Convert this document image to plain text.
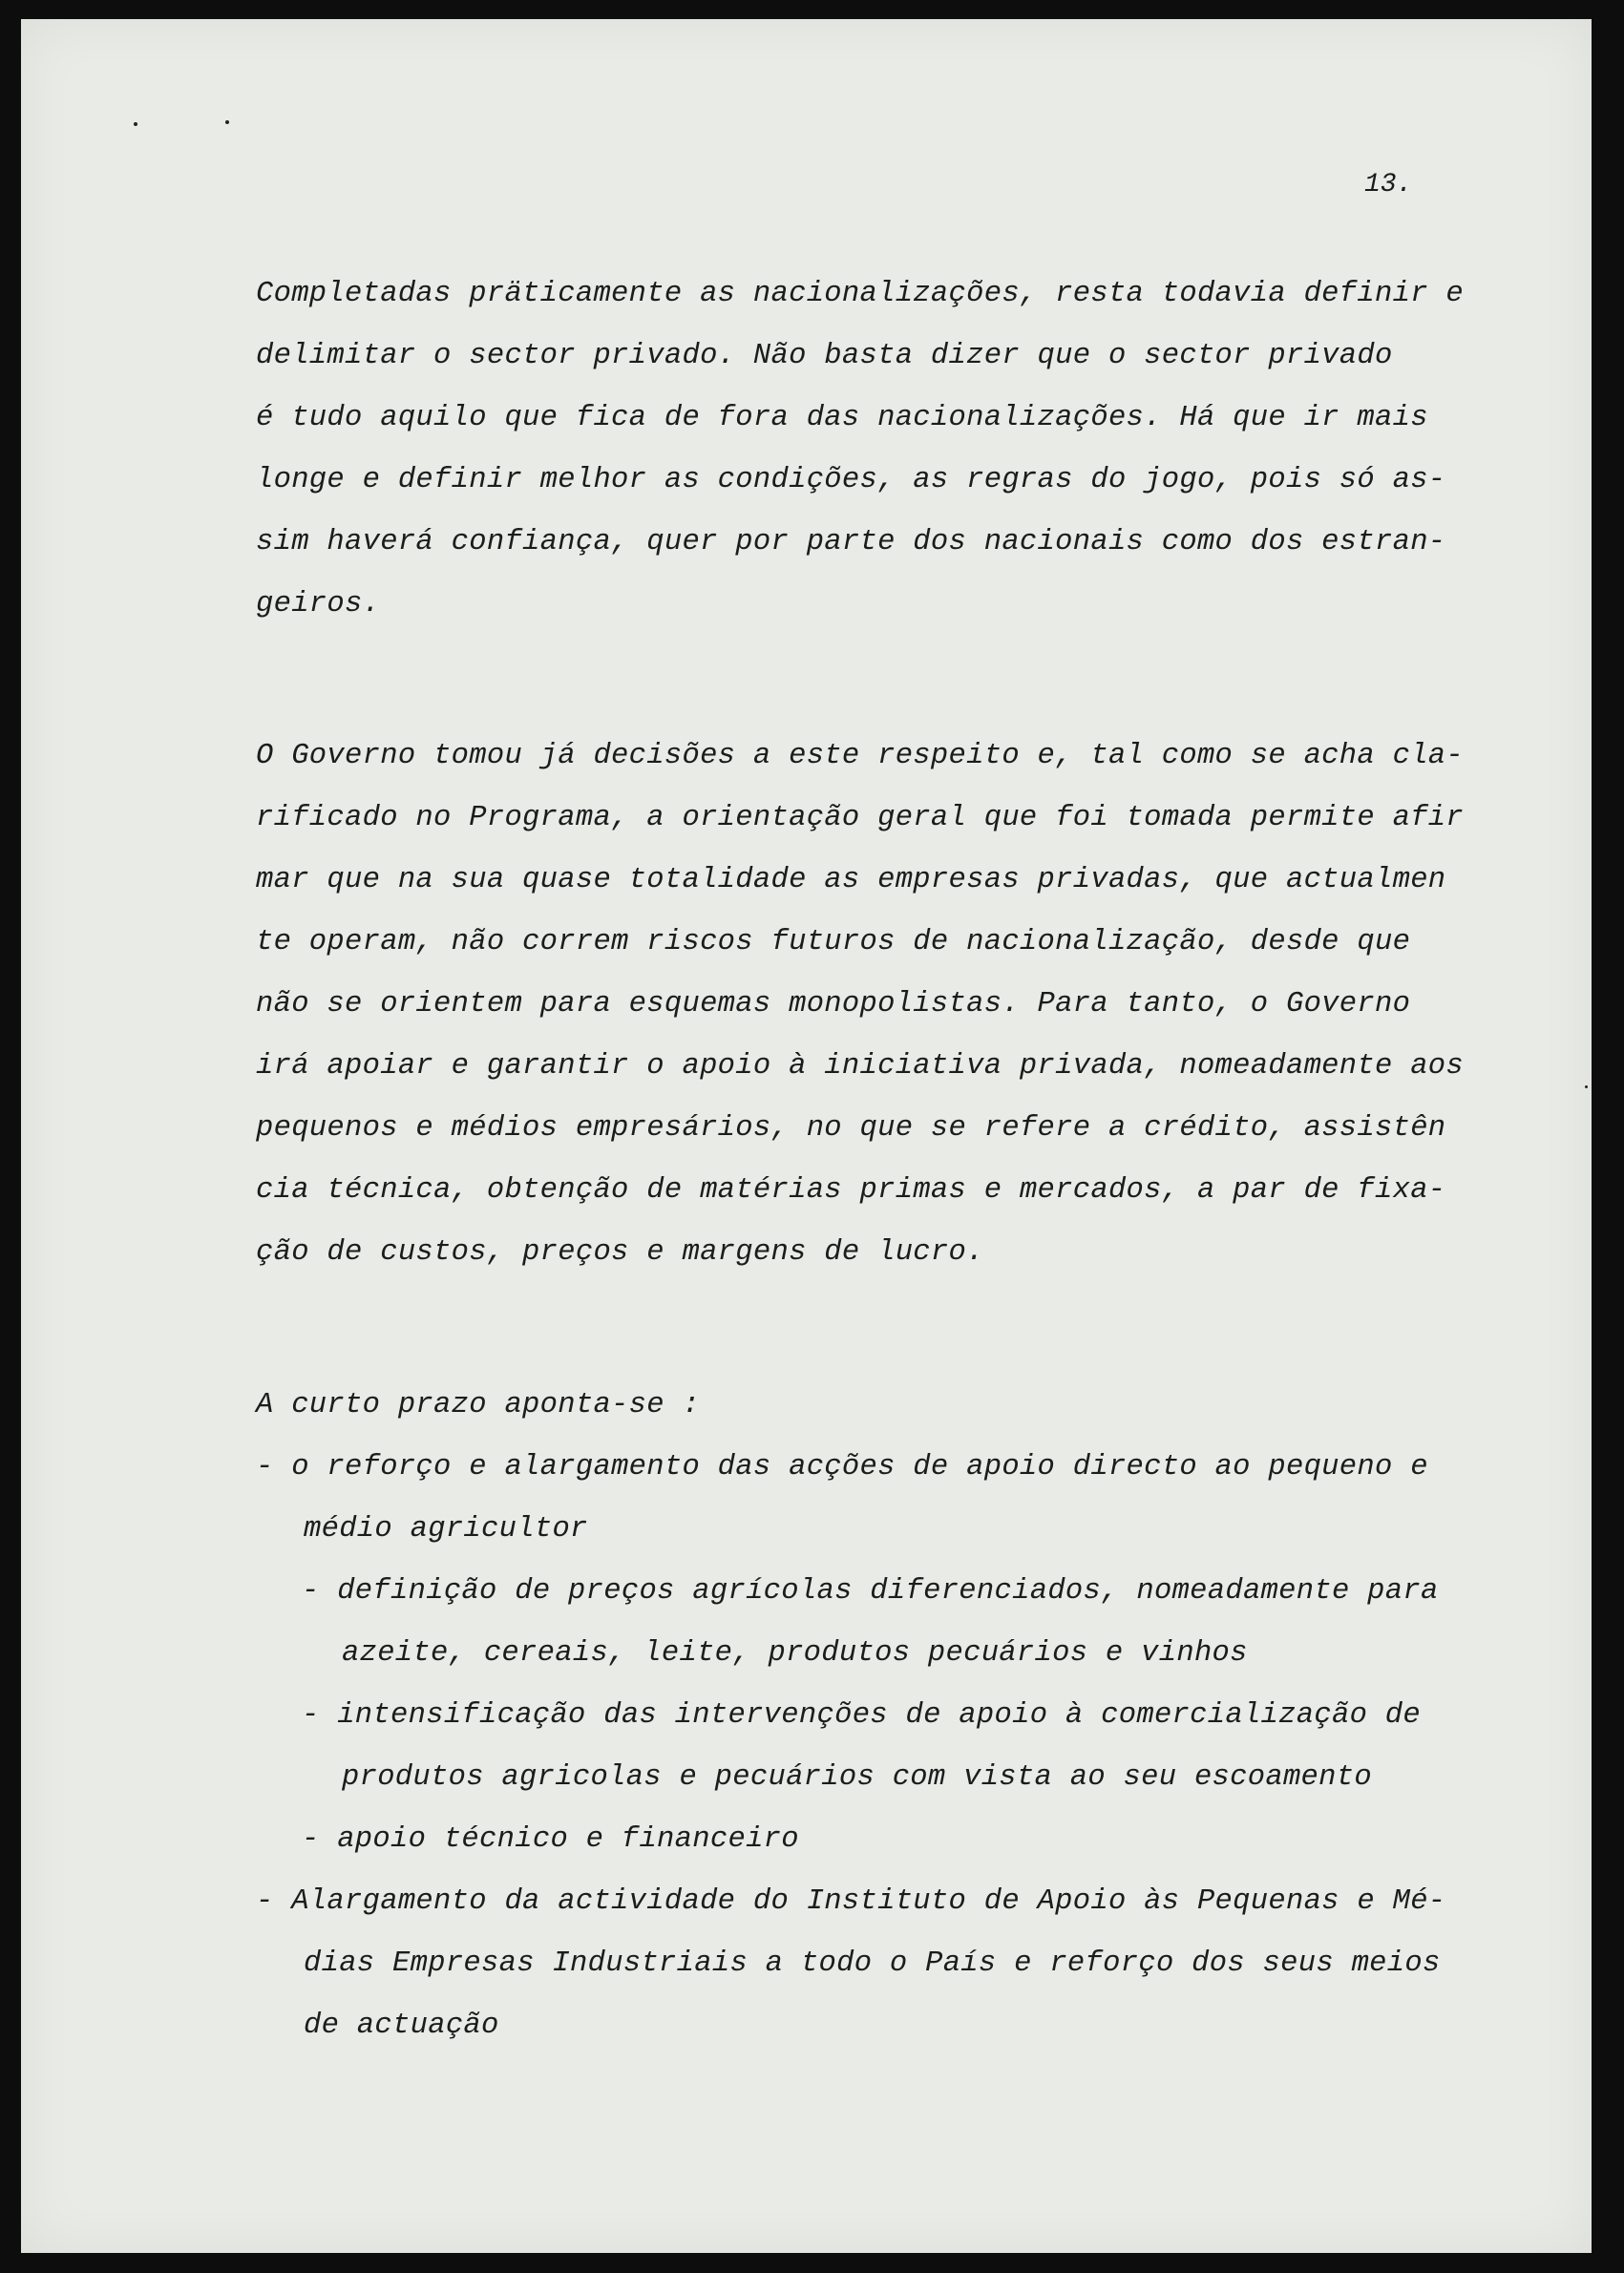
13.

Completadas präticamente as nacionalizações, resta todavia definir e
delimitar o sector privado. Não basta dizer que o sector privado
é tudo aquilo que fica de fora das nacionalizações. Há que ir mais
longe e definir melhor as condições, as regras do jogo, pois só as-
sim haverá confiança, quer por parte dos nacionais como dos estran-
geiros.

O Governo tomou já decisões a este respeito e, tal como se acha cla-
rificado no Programa, a orientação geral que foi tomada permite afir
mar que na sua quase totalidade as empresas privadas, que actualmen
te operam, não correm riscos futuros de nacionalização, desde que
não se orientem para esquemas monopolistas. Para tanto, o Governo
irá apoiar e garantir o apoio à iniciativa privada, nomeadamente aos
pequenos e médios empresários, no que se refere a crédito, assistên
cia técnica, obtenção de matérias primas e mercados, a par de fixa-
ção de custos, preços e margens de lucro.

A curto prazo aponta-se :
- o reforço e alargamento das acções de apoio directo ao pequeno e
médio agricultor
- definição de preços agrícolas diferenciados, nomeadamente para
azeite, cereais, leite, produtos pecuários e vinhos
- intensificação das intervenções de apoio à comercialização de
produtos agricolas e pecuários com vista ao seu escoamento
- apoio técnico e financeiro
- Alargamento da actividade do Instituto de Apoio às Pequenas e Mé-
dias Empresas Industriais a todo o País e reforço dos seus meios
de actuação
